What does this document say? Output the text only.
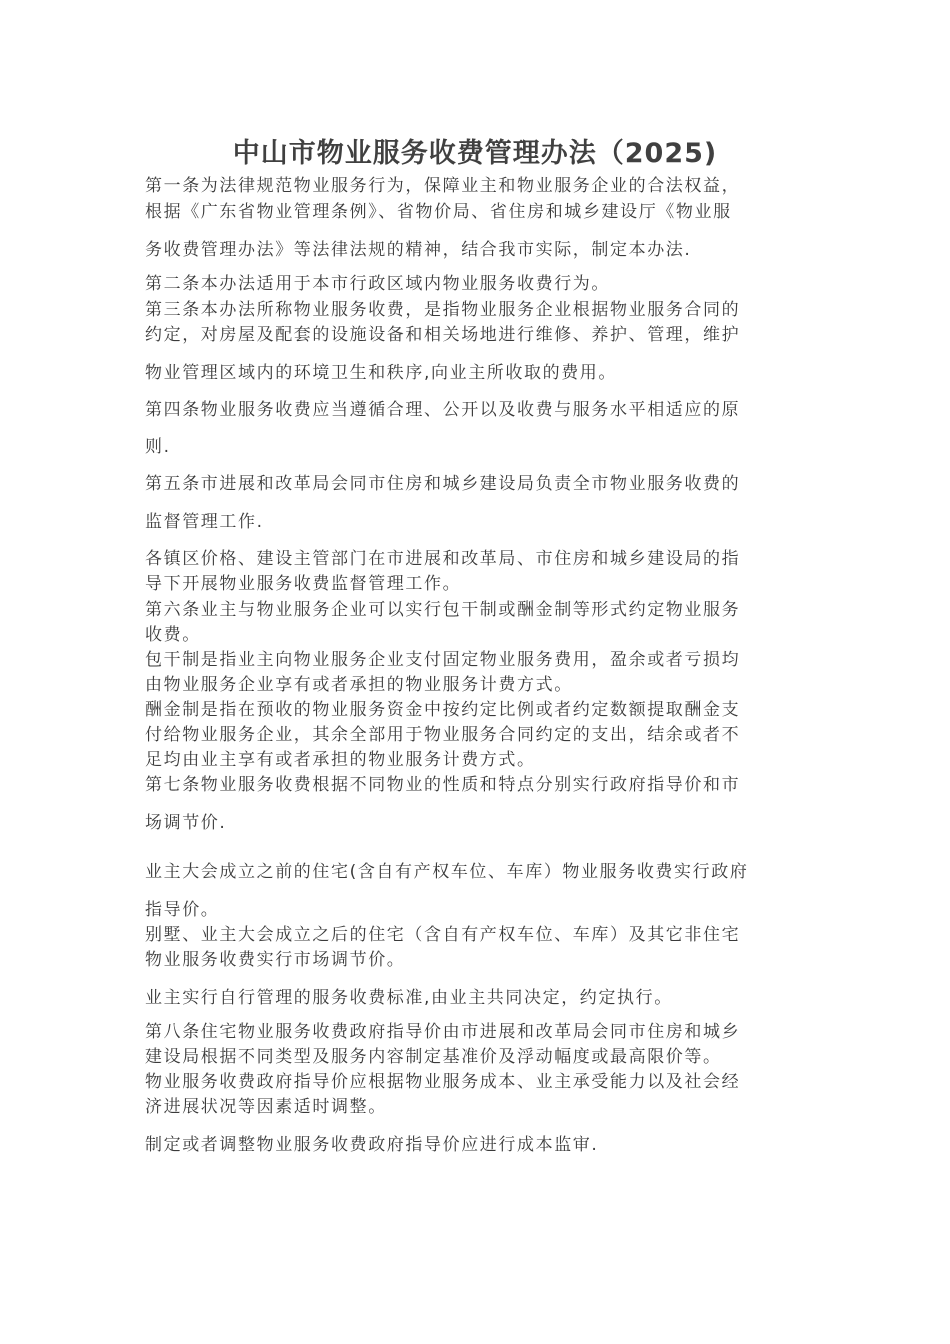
中山市物业服务收费管理办法（2025)
第一条为法律规范物业服务行为，保障业主和物业服务企业的合法权益，
根据《广东省物业管理条例》、省物价局、省住房和城乡建设厅《物业服
务收费管理办法》等法律法规的精神，结合我市实际，制定本办法.
第二条本办法适用于本市行政区域内物业服务收费行为。
第三条本办法所称物业服务收费，是指物业服务企业根据物业服务合同的
约定，对房屋及配套的设施设备和相关场地进行维修、养护、管理，维护
物业管理区域内的环境卫生和秩序,向业主所收取的费用。
第四条物业服务收费应当遵循合理、公开以及收费与服务水平相适应的原
则.
第五条市进展和改革局会同市住房和城乡建设局负责全市物业服务收费的
监督管理工作.
各镇区价格、建设主管部门在市进展和改革局、市住房和城乡建设局的指
导下开展物业服务收费监督管理工作。
第六条业主与物业服务企业可以实行包干制或酬金制等形式约定物业服务
收费。
包干制是指业主向物业服务企业支付固定物业服务费用，盈余或者亏损均
由物业服务企业享有或者承担的物业服务计费方式。
酬金制是指在预收的物业服务资金中按约定比例或者约定数额提取酬金支
付给物业服务企业，其余全部用于物业服务合同约定的支出，结余或者不
足均由业主享有或者承担的物业服务计费方式。
第七条物业服务收费根据不同物业的性质和特点分别实行政府指导价和市
场调节价.
业主大会成立之前的住宅(含自有产权车位、车库）物业服务收费实行政府
指导价。
别墅、业主大会成立之后的住宅（含自有产权车位、车库）及其它非住宅
物业服务收费实行市场调节价。
业主实行自行管理的服务收费标准,由业主共同决定，约定执行。
第八条住宅物业服务收费政府指导价由市进展和改革局会同市住房和城乡
建设局根据不同类型及服务内容制定基准价及浮动幅度或最高限价等。
物业服务收费政府指导价应根据物业服务成本、业主承受能力以及社会经
济进展状况等因素适时调整。
制定或者调整物业服务收费政府指导价应进行成本监审.
